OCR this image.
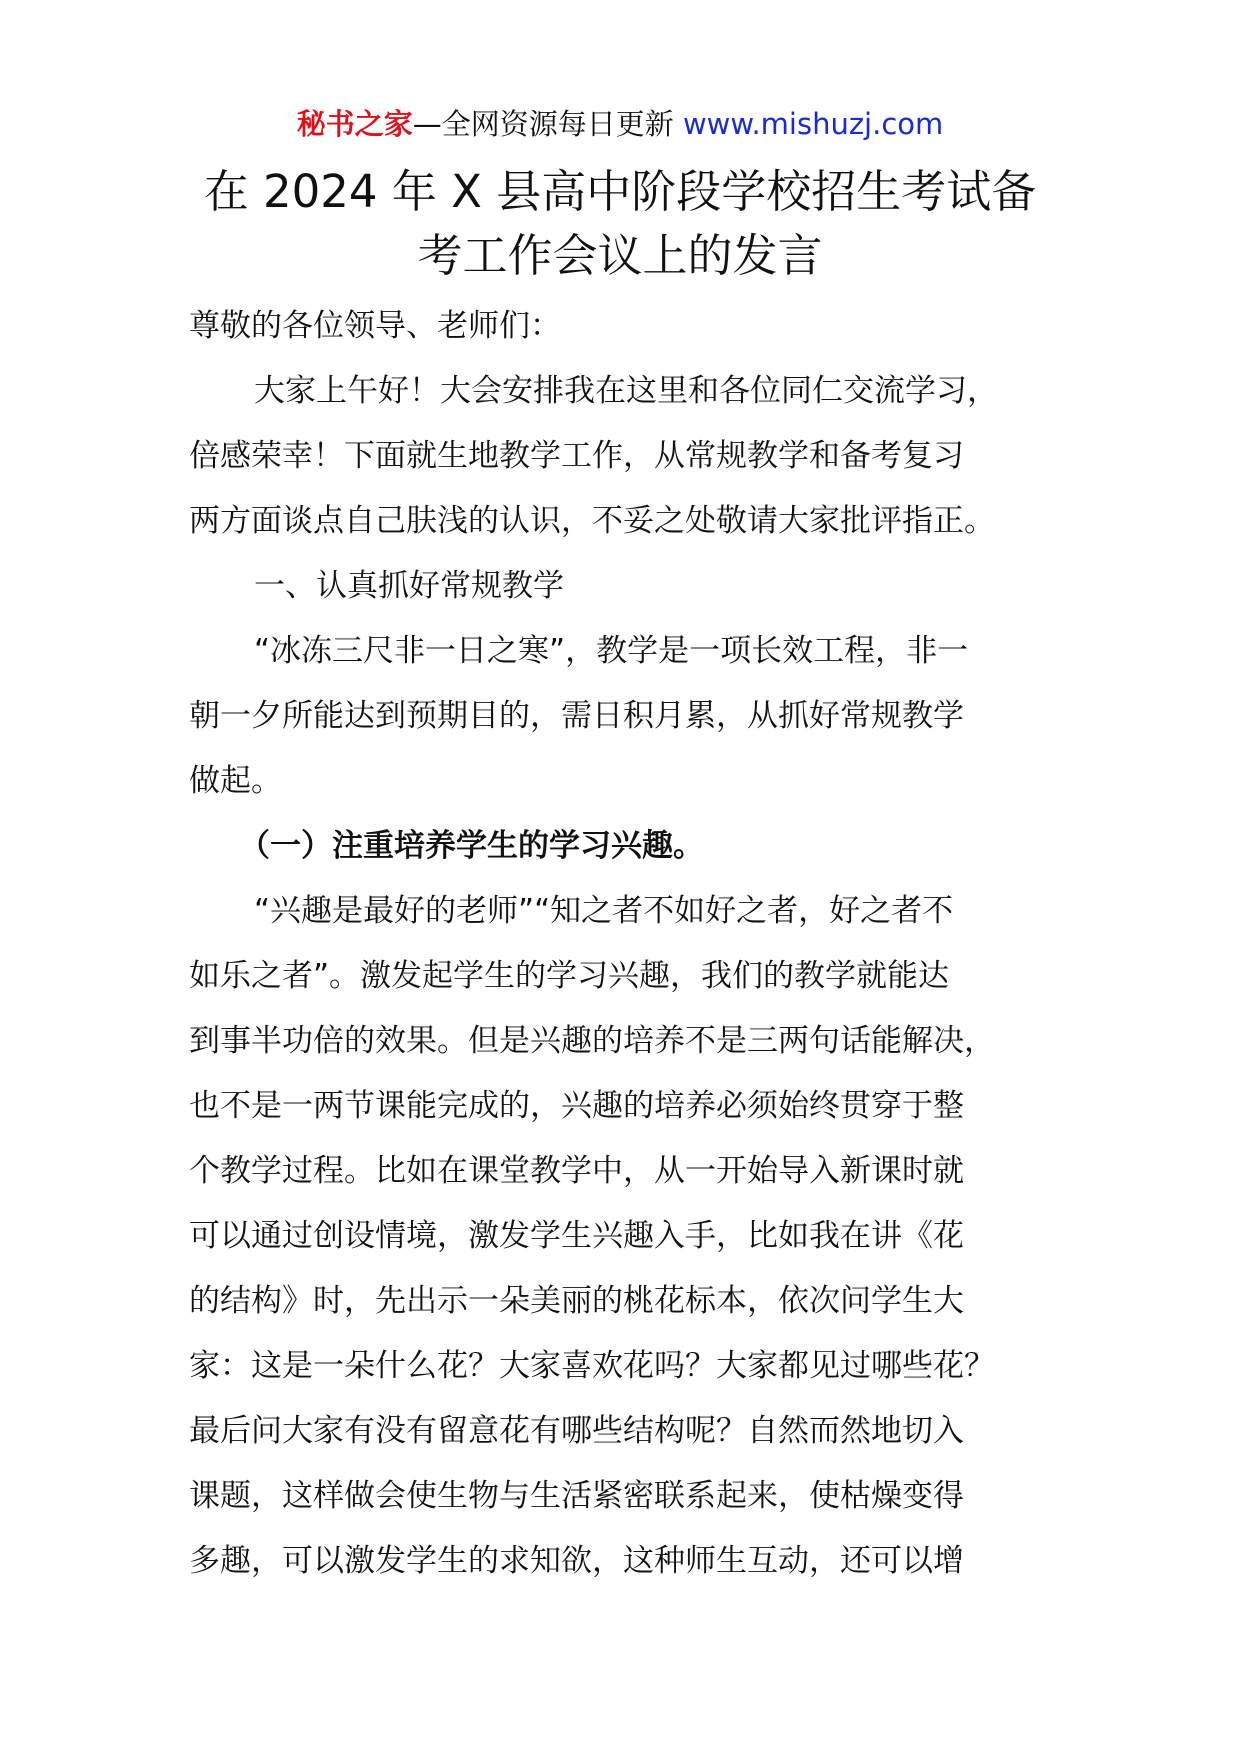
秘书之家—全网资源每日更新 www.mishuzj.com
在 2024 年 X 县高中阶段学校招生考试备
考工作会议上的发言

尊敬的各位领导、老师们：

大家上午好！大会安排我在这里和各位同仁交流学习，
倍感荣幸！下面就生地教学工作，从常规教学和备考复习
两方面谈点自己肤浅的认识，不妥之处敬请大家批评指正。

一、认真抓好常规教学

“冰冻三尺非一日之寒”，教学是一项长效工程，非一
朝一夕所能达到预期目的，需日积月累，从抓好常规教学
做起。

（一）注重培养学生的学习兴趣。

“兴趣是最好的老师”“知之者不如好之者，好之者不
如乐之者”。激发起学生的学习兴趣，我们的教学就能达
到事半功倍的效果。但是兴趣的培养不是三两句话能解决，
也不是一两节课能完成的，兴趣的培养必须始终贯穿于整
个教学过程。比如在课堂教学中，从一开始导入新课时就
可以通过创设情境，激发学生兴趣入手，比如我在讲《花
的结构》时，先出示一朵美丽的桃花标本，依次问学生大
家：这是一朵什么花？大家喜欢花吗？大家都见过哪些花？
最后问大家有没有留意花有哪些结构呢？自然而然地切入
课题，这样做会使生物与生活紧密联系起来，使枯燥变得
多趣，可以激发学生的求知欲，这种师生互动，还可以增
